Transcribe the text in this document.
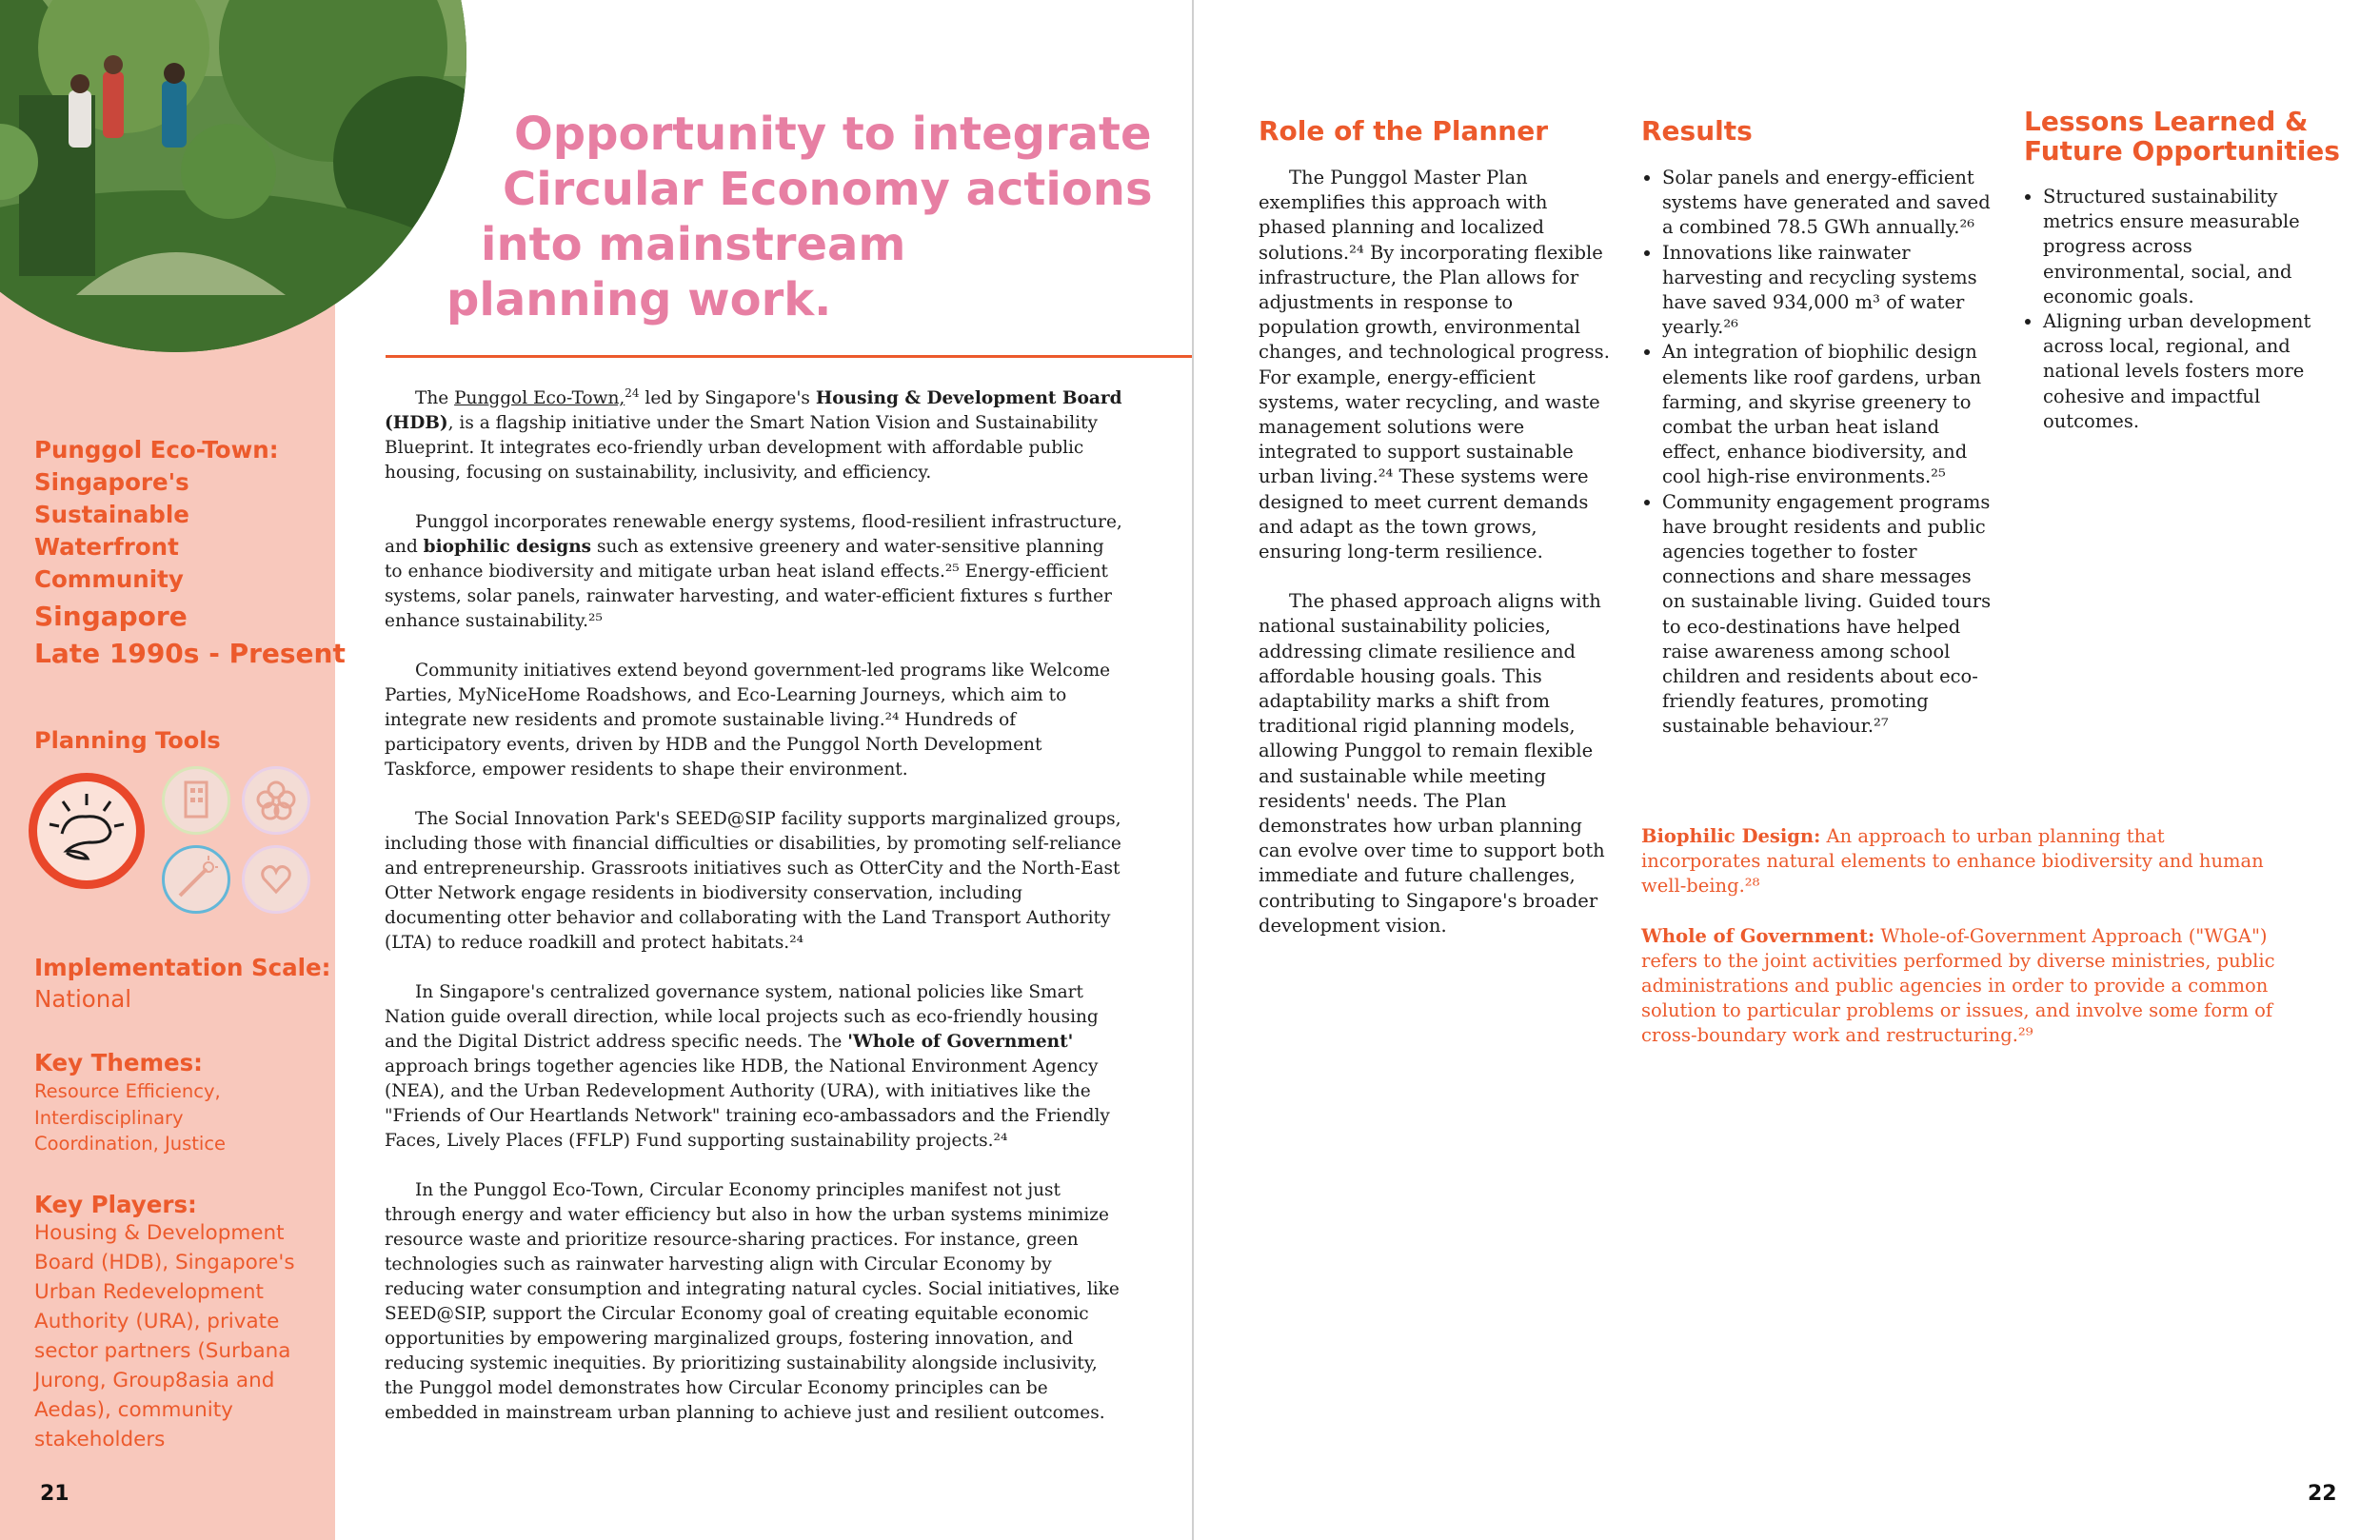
Punggol Eco-Town: Singapore's Sustainable Waterfront Community
Singapore
Late 1990s - Present
Planning Tools
Implementation Scale:
National
Key Themes:
Resource Efficiency, Interdisciplinary Coordination, Justice
Key Players:
Housing & Development Board (HDB), Singapore's Urban Redevelopment Authority (URA), private sector partners (Surbana Jurong, Group8asia and Aedas), community stakeholders
21
Opportunity to integrate
Circular Economy actions
into mainstream
planning work.

The Punggol Eco-Town,$^{24}$ led by Singapore's Housing & Development Board (HDB), is a flagship initiative under the Smart Nation Vision and Sustainability Blueprint. It integrates eco-friendly urban development with affordable public housing, focusing on sustainability, inclusivity, and efficiency.

Punggol incorporates renewable energy systems, flood-resilient infrastructure, and biophilic designs such as extensive greenery and water-sensitive planning to enhance biodiversity and mitigate urban heat island effects.²⁵ Energy-efficient systems, solar panels, rainwater harvesting, and water-efficient fixtures s further enhance sustainability.²⁵

Community initiatives extend beyond government-led programs like Welcome Parties, MyNiceHome Roadshows, and Eco-Learning Journeys, which aim to integrate new residents and promote sustainable living.²⁴ Hundreds of participatory events, driven by HDB and the Punggol North Development Taskforce, empower residents to shape their environment.

The Social Innovation Park's SEED@SIP facility supports marginalized groups, including those with financial difficulties or disabilities, by promoting self-reliance and entrepreneurship. Grassroots initiatives such as OtterCity and the North-East Otter Network engage residents in biodiversity conservation, including documenting otter behavior and collaborating with the Land Transport Authority (LTA) to reduce roadkill and protect habitats.²⁴

In Singapore's centralized governance system, national policies like Smart Nation guide overall direction, while local projects such as eco-friendly housing and the Digital District address specific needs. The 'Whole of Government' approach brings together agencies like HDB, the National Environment Agency (NEA), and the Urban Redevelopment Authority (URA), with initiatives like the "Friends of Our Heartlands Network" training eco-ambassadors and the Friendly Faces, Lively Places (FFLP) Fund supporting sustainability projects.²⁴

In the Punggol Eco-Town, Circular Economy principles manifest not just through energy and water efficiency but also in how the urban systems minimize resource waste and prioritize resource-sharing practices. For instance, green technologies such as rainwater harvesting align with Circular Economy by reducing water consumption and integrating natural cycles. Social initiatives, like SEED@SIP, support the Circular Economy goal of creating equitable economic opportunities by empowering marginalized groups, fostering innovation, and reducing systemic inequities. By prioritizing sustainability alongside inclusivity, the Punggol model demonstrates how Circular Economy principles can be embedded in mainstream urban planning to achieve just and resilient outcomes.

Role of the Planner

The Punggol Master Plan exemplifies this approach with phased planning and localized solutions.²⁴ By incorporating flexible infrastructure, the Plan allows for adjustments in response to population growth, environmental changes, and technological progress. For example, energy-efficient systems, water recycling, and waste management solutions were integrated to support sustainable urban living.²⁴ These systems were designed to meet current demands and adapt as the town grows, ensuring long-term resilience.

The phased approach aligns with national sustainability policies, addressing climate resilience and affordable housing goals. This adaptability marks a shift from traditional rigid planning models, allowing Punggol to remain flexible and sustainable while meeting residents' needs. The Plan demonstrates how urban planning can evolve over time to support both immediate and future challenges, contributing to Singapore's broader development vision.

Results
• Solar panels and energy-efficient systems have generated and saved a combined 78.5 GWh annually.²⁶
• Innovations like rainwater harvesting and recycling systems have saved 934,000 m³ of water yearly.²⁶
• An integration of biophilic design elements like roof gardens, urban farming, and skyrise greenery to combat the urban heat island effect, enhance biodiversity, and cool high-rise environments.²⁵
• Community engagement programs have brought residents and public agencies together to foster connections and share messages on sustainable living. Guided tours to eco-destinations have helped raise awareness among school children and residents about eco-friendly features, promoting sustainable behaviour.²⁷
Lessons Learned &
Future Opportunities
• Structured sustainability metrics ensure measurable progress across environmental, social, and economic goals.
• Aligning urban development across local, regional, and national levels fosters more cohesive and impactful outcomes.

Biophilic Design: An approach to urban planning that incorporates natural elements to enhance biodiversity and human well-being.²⁸

Whole of Government: Whole-of-Government Approach ("WGA") refers to the joint activities performed by diverse ministries, public administrations and public agencies in order to provide a common solution to particular problems or issues, and involve some form of cross-boundary work and restructuring.²⁹

22
